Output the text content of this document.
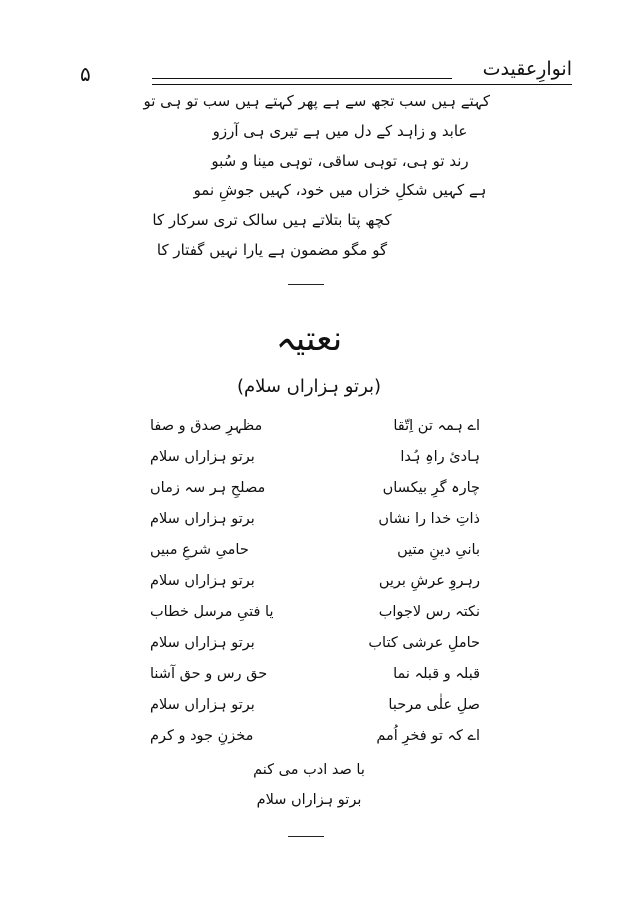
۵	انوارِعقیدت
کہتے ہیں سب تجھ سے ہے پھر کہتے ہیں سب تو ہی تو
عابد و زاہد کے دل میں ہے تیری ہی آرزو
رند تو ہی، توہی ساقی، توہی مینا و سُبو
ہے کہیں شکلِ خزاں میں خود، کہیں جوشِ نمو
کچھ پتا بتلاتے ہیں سالک تری سرکار کا
گو مگو مضمون ہے یارا نہیں گفتار کا
نعتیہ
(برتو ہزاراں سلام)
اے ہمہ تن اِتّقا
مظہرِ صدق و صفا
ہادئ راہِ ہُدا
برتو ہزاراں سلام
چارہ گرِ بیکساں
مصلحِ ہر سہ زماں
ذاتِ خدا را نشاں
برتو ہزاراں سلام
بانیِ دینِ متیں
حامیِ شرعِ مبیں
رہروِ عرشِ بریں
برتو ہزاراں سلام
نکتہ رس لاجواب
یا فتیِ مرسل خطاب
حاملِ عرشی کتاب
برتو ہزاراں سلام
قبلہ و قبلہ نما
حق رس و حق آشنا
صلِ علٰی مرحبا
برتو ہزاراں سلام
اے کہ تو فخرِ اُمم
مخزنِ جود و کرم
با صد ادب می کنم
برتو ہزاراں سلام
